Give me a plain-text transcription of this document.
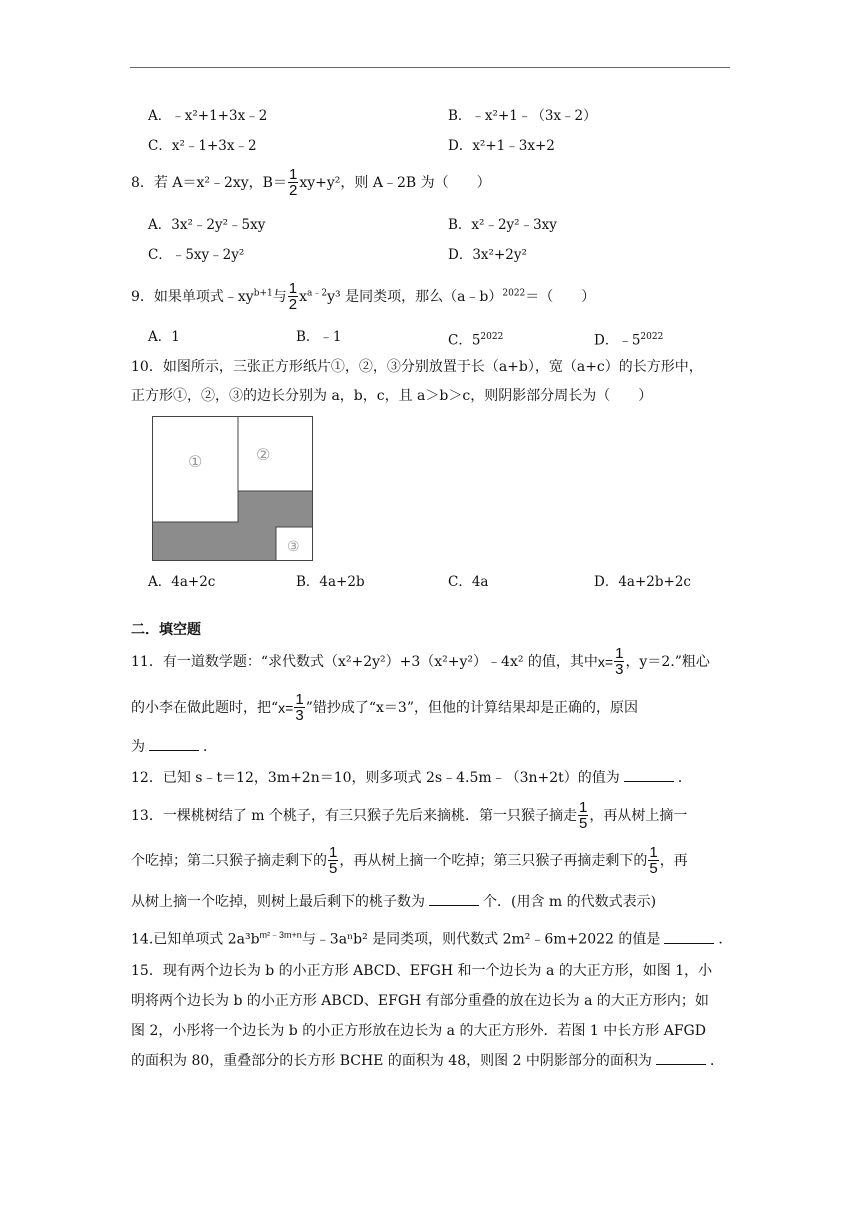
A．﹣x²+1+3x﹣2	B．﹣x²+1﹣（3x﹣2）
C．x²﹣1+3x﹣2	D．x²+1﹣3x+2
8．若 A＝x²﹣2xy，$B= \frac{1}{2} xy+y^2$，则 A﹣2B 为（　　）
A．3x²﹣2y²﹣5xy	B．x²﹣2y²﹣3xy
C．﹣5xy﹣2y²	D．3x²+2y²
9．如果单项式$﹣xy^{b+1}$与 $\frac{1}{2} x^{a﹣2}y^3$ 是同类项，那么（a﹣b）$^{2022}$＝（　　）
A．1	B．﹣1	C．$5^{2022}$	D．$﹣5^{2022}$
10．如图所示，三张正方形纸片①，②，③分别放置于长（a+b），宽（a+c）的长方形中，
正方形①，②，③的边长分别为 a，b，c，且 a＞b＞c，则阴影部分周长为（　　）
①	②
③
A．4a+2c	B．4a+2b	C．4a	D．4a+2b+2c
二．填空题
11．有一道数学题：“求代数式（x²+2y²）+3（x²+y²）﹣4x² 的值，其中$x= \frac{1}{3}$ ，y＝2.”粗心
的小李在做此题时，把“$x= \frac{1}{3}$ ”错抄成了“x＝3”，但他的计算结果却是正确的，原因
为	．
12．已知 s﹣t＝12，3m+2n＝10，则多项式 2s﹣4.5m﹣（3n+2t）的值为	．
13．一棵桃树结了 m 个桃子，有三只猴子先后来摘桃．第一只猴子摘走 $\frac{1}{5}$ ，再从树上摘一
个吃掉；第二只猴子摘走剩下的 $\frac{1}{5}$ ，再从树上摘一个吃掉；第三只猴子再摘走剩下的 $\frac{1}{5}$ ，再
从树上摘一个吃掉，则树上最后剩下的桃子数为	个．(用含 m 的代数式表示)
14.已知单项式 $2a^3b^{m^2﹣3m+n}$与﹣3aⁿb² 是同类项，则代数式 2m²﹣6m+2022 的值是	．
15．现有两个边长为 b 的小正方形 ABCD、EFGH 和一个边长为 a 的大正方形，如图 1，小
明将两个边长为 b 的小正方形 ABCD、EFGH 有部分重叠的放在边长为 a 的大正方形内；如
图 2，小彤将一个边长为 b 的小正方形放在边长为 a 的大正方形外．若图 1 中长方形 AFGD
的面积为 80，重叠部分的长方形 BCHE 的面积为 48，则图 2 中阴影部分的面积为	．
